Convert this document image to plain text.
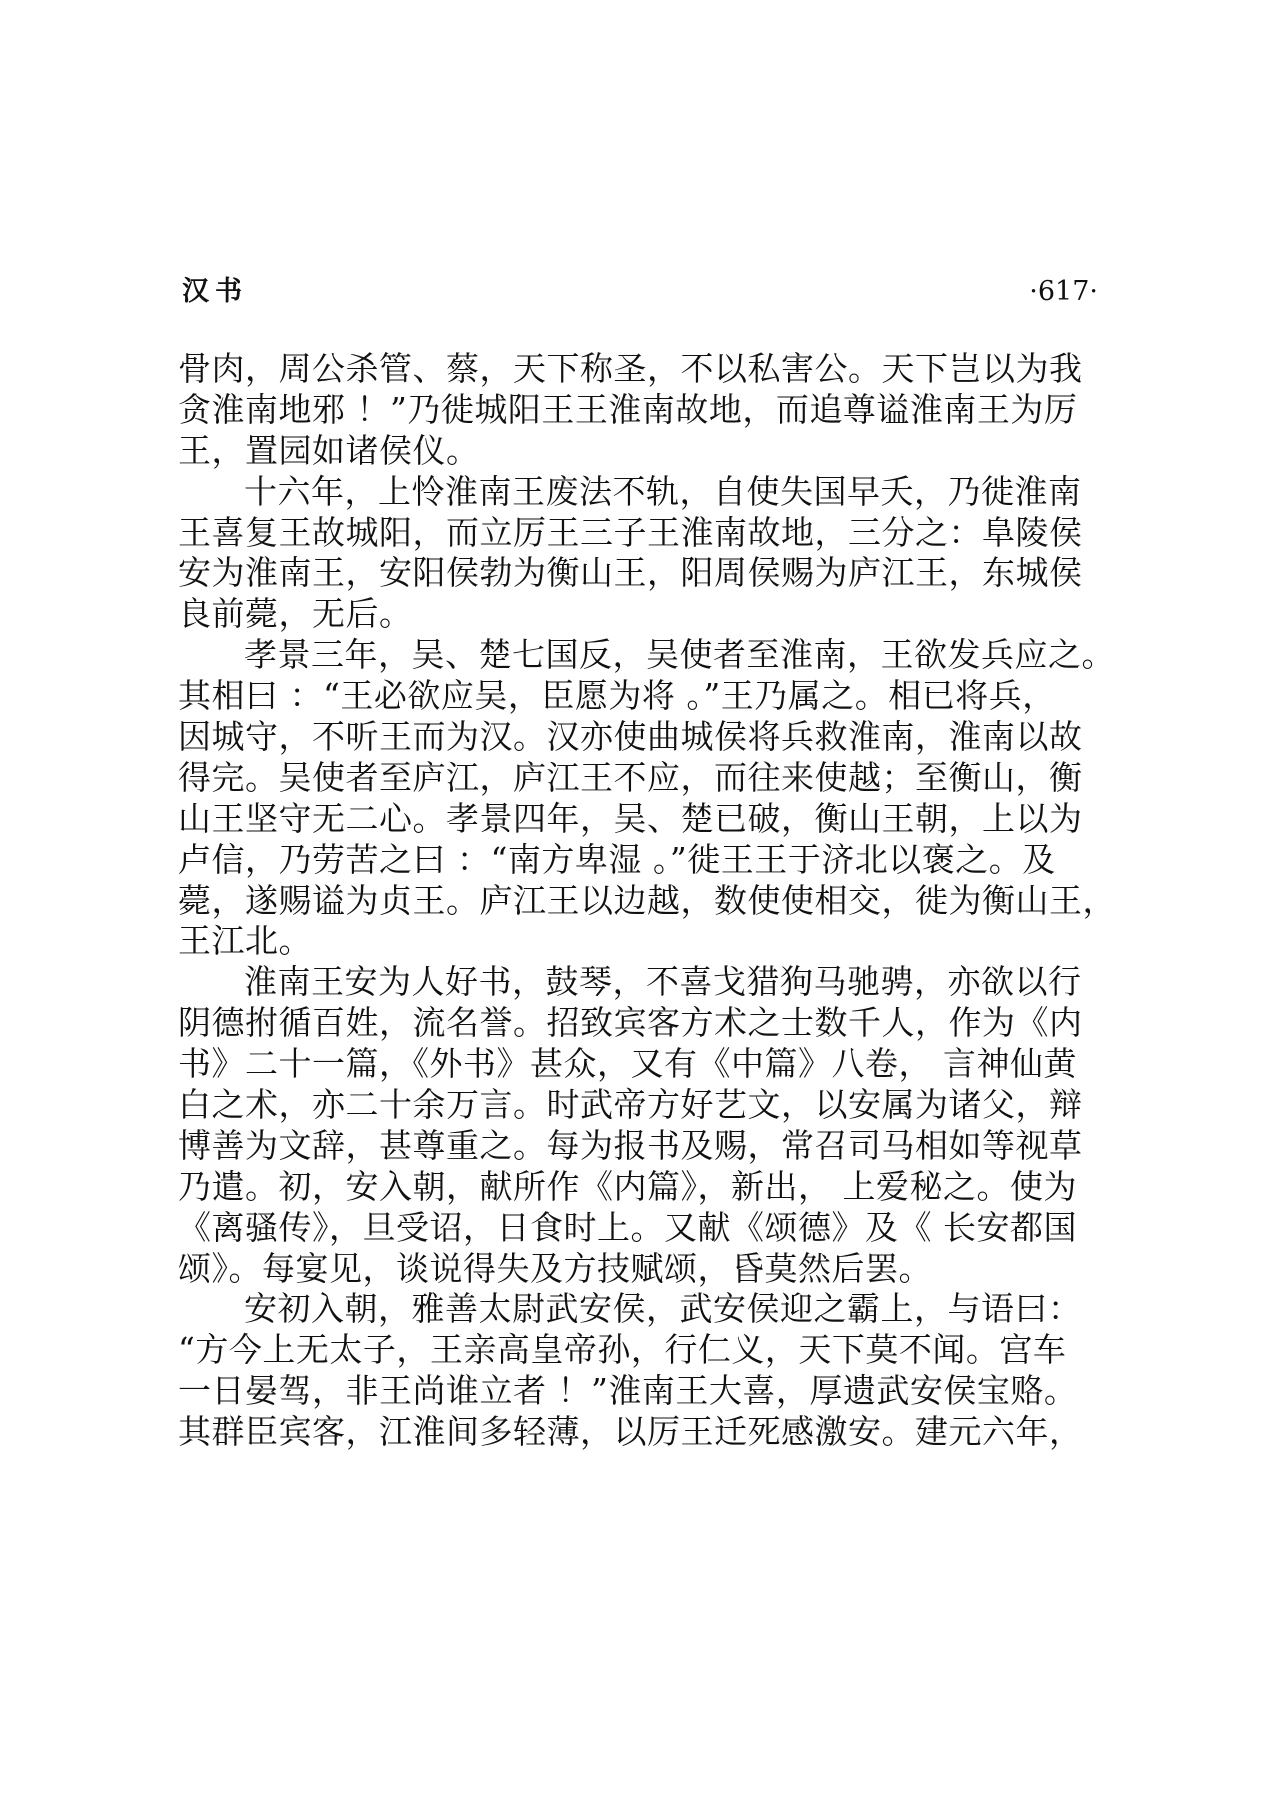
汉书	·617·
骨肉，周公杀管、蔡，天下称圣，不以私害公。天下岂以为我
贪淮南地邪 ！”乃徙城阳王王淮南故地，而追尊谥淮南王为厉
王，置园如诸侯仪。
十六年，上怜淮南王废法不轨，自使失国早夭，乃徙淮南
王喜复王故城阳，而立厉王三子王淮南故地，三分之：阜陵侯
安为淮南王，安阳侯勃为衡山王，阳周侯赐为庐江王，东城侯
良前薨，无后。
孝景三年，吴、楚七国反，吴使者至淮南，王欲发兵应之。
其相曰 ：“王必欲应吴，臣愿为将 。”王乃属之。相已将兵，
因城守，不听王而为汉。汉亦使曲城侯将兵救淮南，淮南以故
得完。吴使者至庐江，庐江王不应，而往来使越；至衡山，衡
山王坚守无二心。孝景四年，吴、楚已破，衡山王朝，上以为
卢信，乃劳苦之曰 ：“南方卑湿 。”徙王王于济北以褒之。及
薨，遂赐谥为贞王。庐江王以边越，数使使相交，徙为衡山王，
王江北。
淮南王安为人好书，鼓琴，不喜戈猎狗马驰骋，亦欲以行
阴德拊循百姓，流名誉。招致宾客方术之士数千人，作为《内
书》二十一篇，《外书》甚众，又有《中篇》八卷， 言神仙黄
白之术，亦二十余万言。时武帝方好艺文，以安属为诸父，辩
博善为文辞，甚尊重之。每为报书及赐，常召司马相如等视草
乃遣。初，安入朝，献所作《内篇》，新出， 上爱秘之。使为
《离骚传》，旦受诏，日食时上。又献《颂德》及《 长安都国
颂》。每宴见，谈说得失及方技赋颂，昏莫然后罢。
安初入朝，雅善太尉武安侯，武安侯迎之霸上，与语曰：
“方今上无太子，王亲高皇帝孙，行仁义，天下莫不闻。宫车
一日晏驾，非王尚谁立者 ！”淮南王大喜，厚遗武安侯宝赂。
其群臣宾客，江淮间多轻薄，以厉王迁死感激安。建元六年，
